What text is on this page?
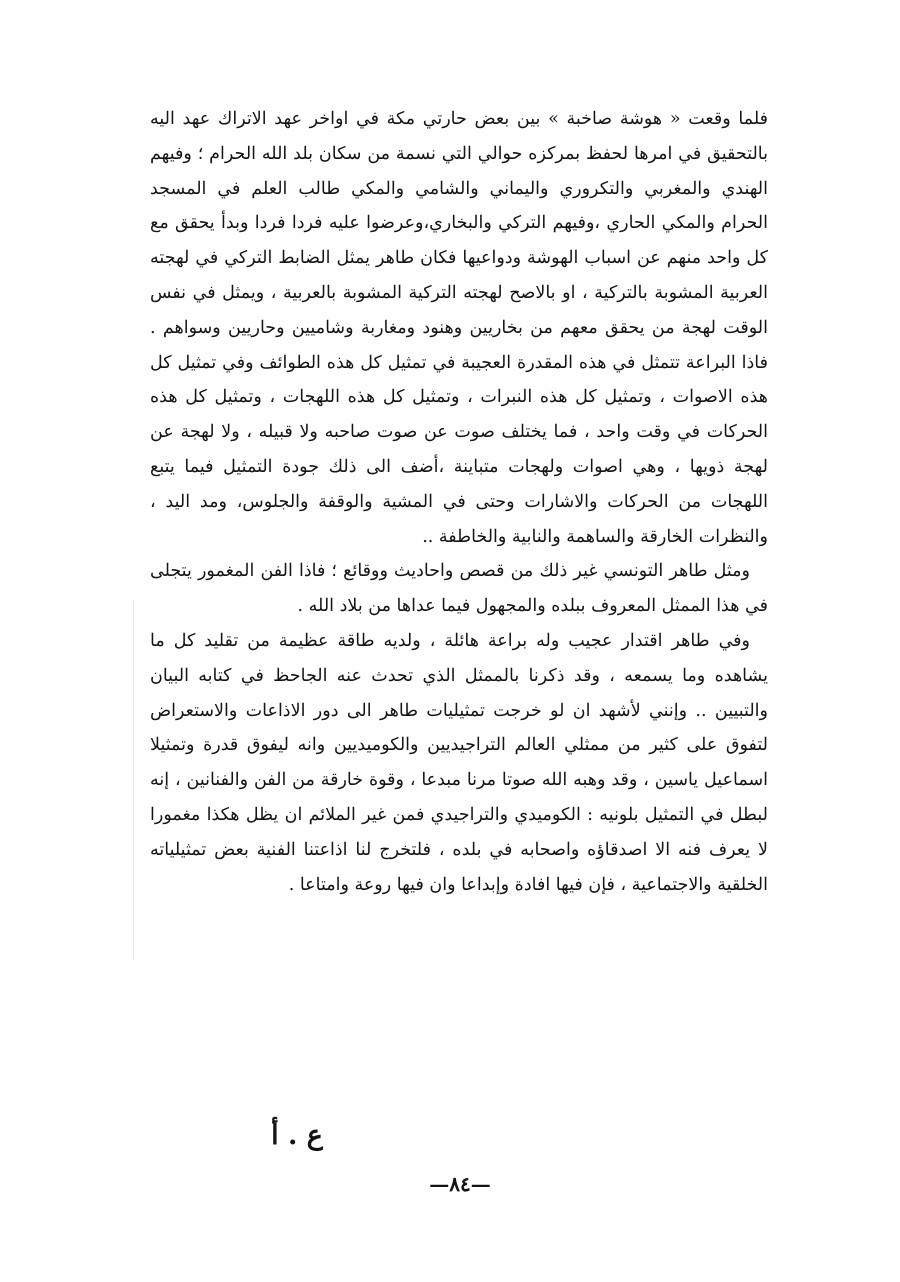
فلما وقعت « هوشة صاخبة » بين بعض حارتي مكة في اواخر عهد الاتراك عهد اليه بالتحقيق في امرها لحفظ بمركزه حوالي التي نسمة من سكان بلد الله الحرام ؛ وفيهم الهندي والمغربي والتكروري واليماني والشامي والمكي طالب العلم في المسجد الحرام والمكي الحاري ،وفيهم التركي والبخاري،وعرضوا عليه فردا فردا وبدأ يحقق مع كل واحد منهم عن اسباب الهوشة ودواعيها فكان طاهر يمثل الضابط التركي في لهجته العربية المشوبة بالتركية ، او بالاصح لهجته التركية المشوبة بالعربية ، ويمثل في نفس الوقت لهجة من يحقق معهم من بخاريين وهنود ومغاربة وشاميين وحاريين وسواهم . فاذا البراعة تتمثل في هذه المقدرة العجيبة في تمثيل كل هذه الطوائف وفي تمثيل كل هذه الاصوات ، وتمثيل كل هذه النبرات ، وتمثيل كل هذه اللهجات ، وتمثيل كل هذه الحركات في وقت واحد ، فما يختلف صوت عن صوت صاحبه ولا قبيله ، ولا لهجة عن لهجة ذويها ، وهي اصوات ولهجات متباينة ،أضف الى ذلك جودة التمثيل فيما يتبع اللهجات من الحركات والاشارات وحتى في المشية والوقفة والجلوس، ومد اليد ، والنظرات الخارقة والساهمة والنابية والخاطفة ..

ومثل طاهر التونسي غير ذلك من قصص واحاديث ووقائع ؛ فاذا الفن المغمور يتجلى في هذا الممثل المعروف ببلده والمجهول فيما عداها من بلاد الله .

وفي طاهر اقتدار عجيب وله براعة هائلة ، ولديه طاقة عظيمة من تقليد كل ما يشاهده وما يسمعه ، وقد ذكرنا بالممثل الذي تحدث عنه الجاحظ في كتابه البيان والتبيين .. وإنني لأشهد ان لو خرجت تمثيليات طاهر الى دور الاذاعات والاستعراض لتفوق على كثير من ممثلي العالم التراجيديين والكوميديين وانه ليفوق قدرة وتمثيلا اسماعيل ياسين ، وقد وهبه الله صوتا مرنا مبدعا ، وقوة خارقة من الفن والفنانين ، إنه لبطل في التمثيل بلونيه : الكوميدي والتراجيدي فمن غير الملائم ان يظل هكذا مغمورا لا يعرف فنه الا اصدقاؤه واصحابه في بلده ، فلتخرج لنا اذاعتنا الفنية بعض تمثيلياته الخلقية والاجتماعية ، فإن فيها افادة وإبداعا وان فيها روعة وامتاعا .

ع . أ
—٨٤—
